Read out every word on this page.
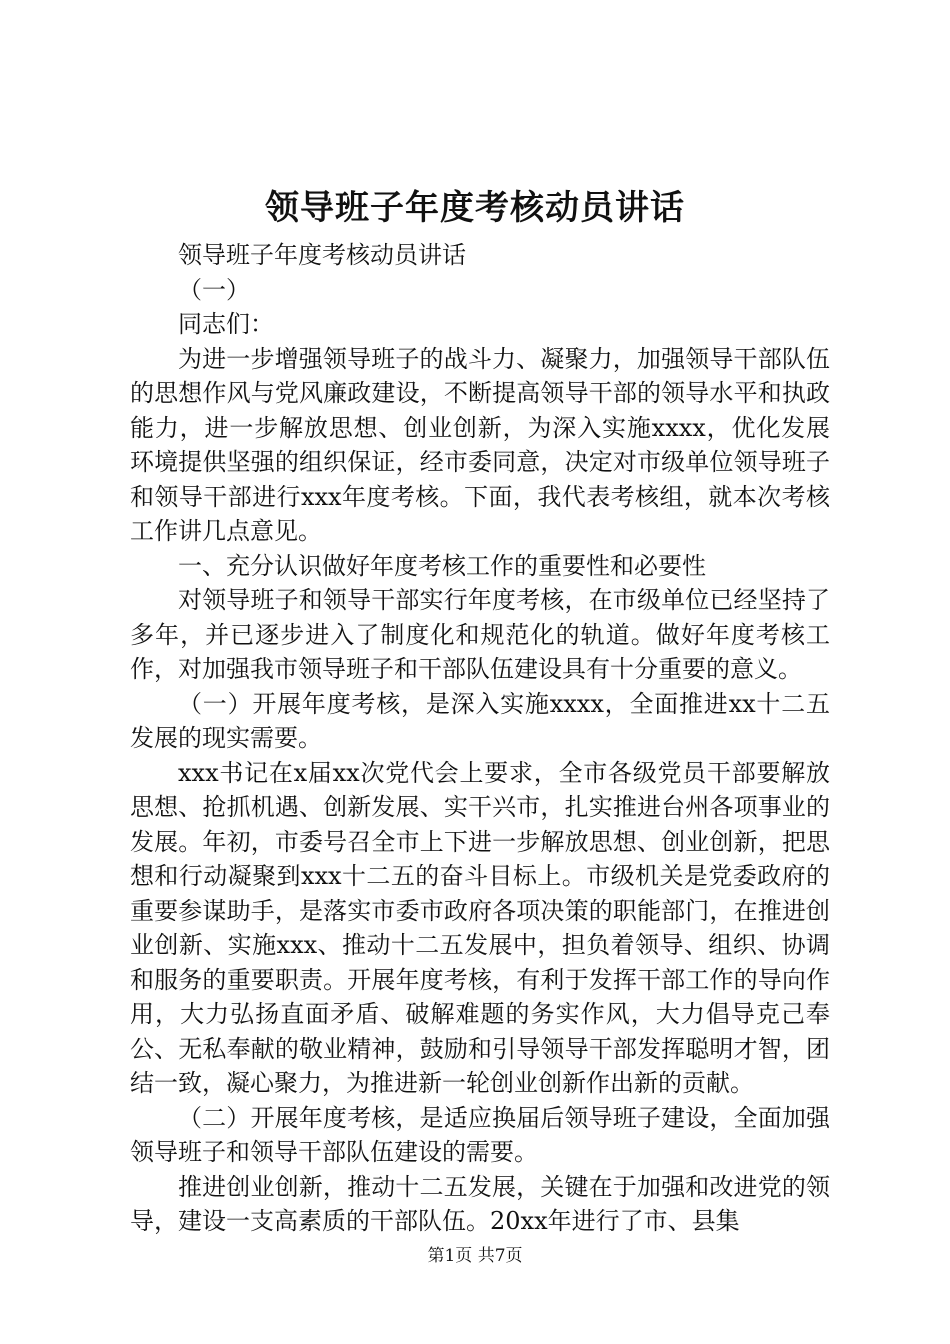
领导班子年度考核动员讲话

领导班子年度考核动员讲话

（一）

同志们：

为进一步增强领导班子的战斗力、凝聚力，加强领导干部队伍的思想作风与党风廉政建设，不断提高领导干部的领导水平和执政能力，进一步解放思想、创业创新，为深入实施xxxx，优化发展环境提供坚强的组织保证，经市委同意，决定对市级单位领导班子和领导干部进行xxx年度考核。下面，我代表考核组，就本次考核工作讲几点意见。

一、充分认识做好年度考核工作的重要性和必要性

对领导班子和领导干部实行年度考核，在市级单位已经坚持了多年，并已逐步进入了制度化和规范化的轨道。做好年度考核工作，对加强我市领导班子和干部队伍建设具有十分重要的意义。

（一）开展年度考核，是深入实施xxxx，全面推进xx十二五发展的现实需要。

xxx书记在x届xx次党代会上要求，全市各级党员干部要解放思想、抢抓机遇、创新发展、实干兴市，扎实推进台州各项事业的发展。年初，市委号召全市上下进一步解放思想、创业创新，把思想和行动凝聚到xxx十二五的奋斗目标上。市级机关是党委政府的重要参谋助手，是落实市委市政府各项决策的职能部门，在推进创业创新、实施xxx、推动十二五发展中，担负着领导、组织、协调和服务的重要职责。开展年度考核，有利于发挥干部工作的导向作用，大力弘扬直面矛盾、破解难题的务实作风，大力倡导克己奉公、无私奉献的敬业精神，鼓励和引导领导干部发挥聪明才智，团结一致，凝心聚力，为推进新一轮创业创新作出新的贡献。

（二）开展年度考核，是适应换届后领导班子建设，全面加强领导班子和领导干部队伍建设的需要。

推进创业创新，推动十二五发展，关键在于加强和改进党的领导，建设一支高素质的干部队伍。20xx年进行了市、县集

第1页 共7页
